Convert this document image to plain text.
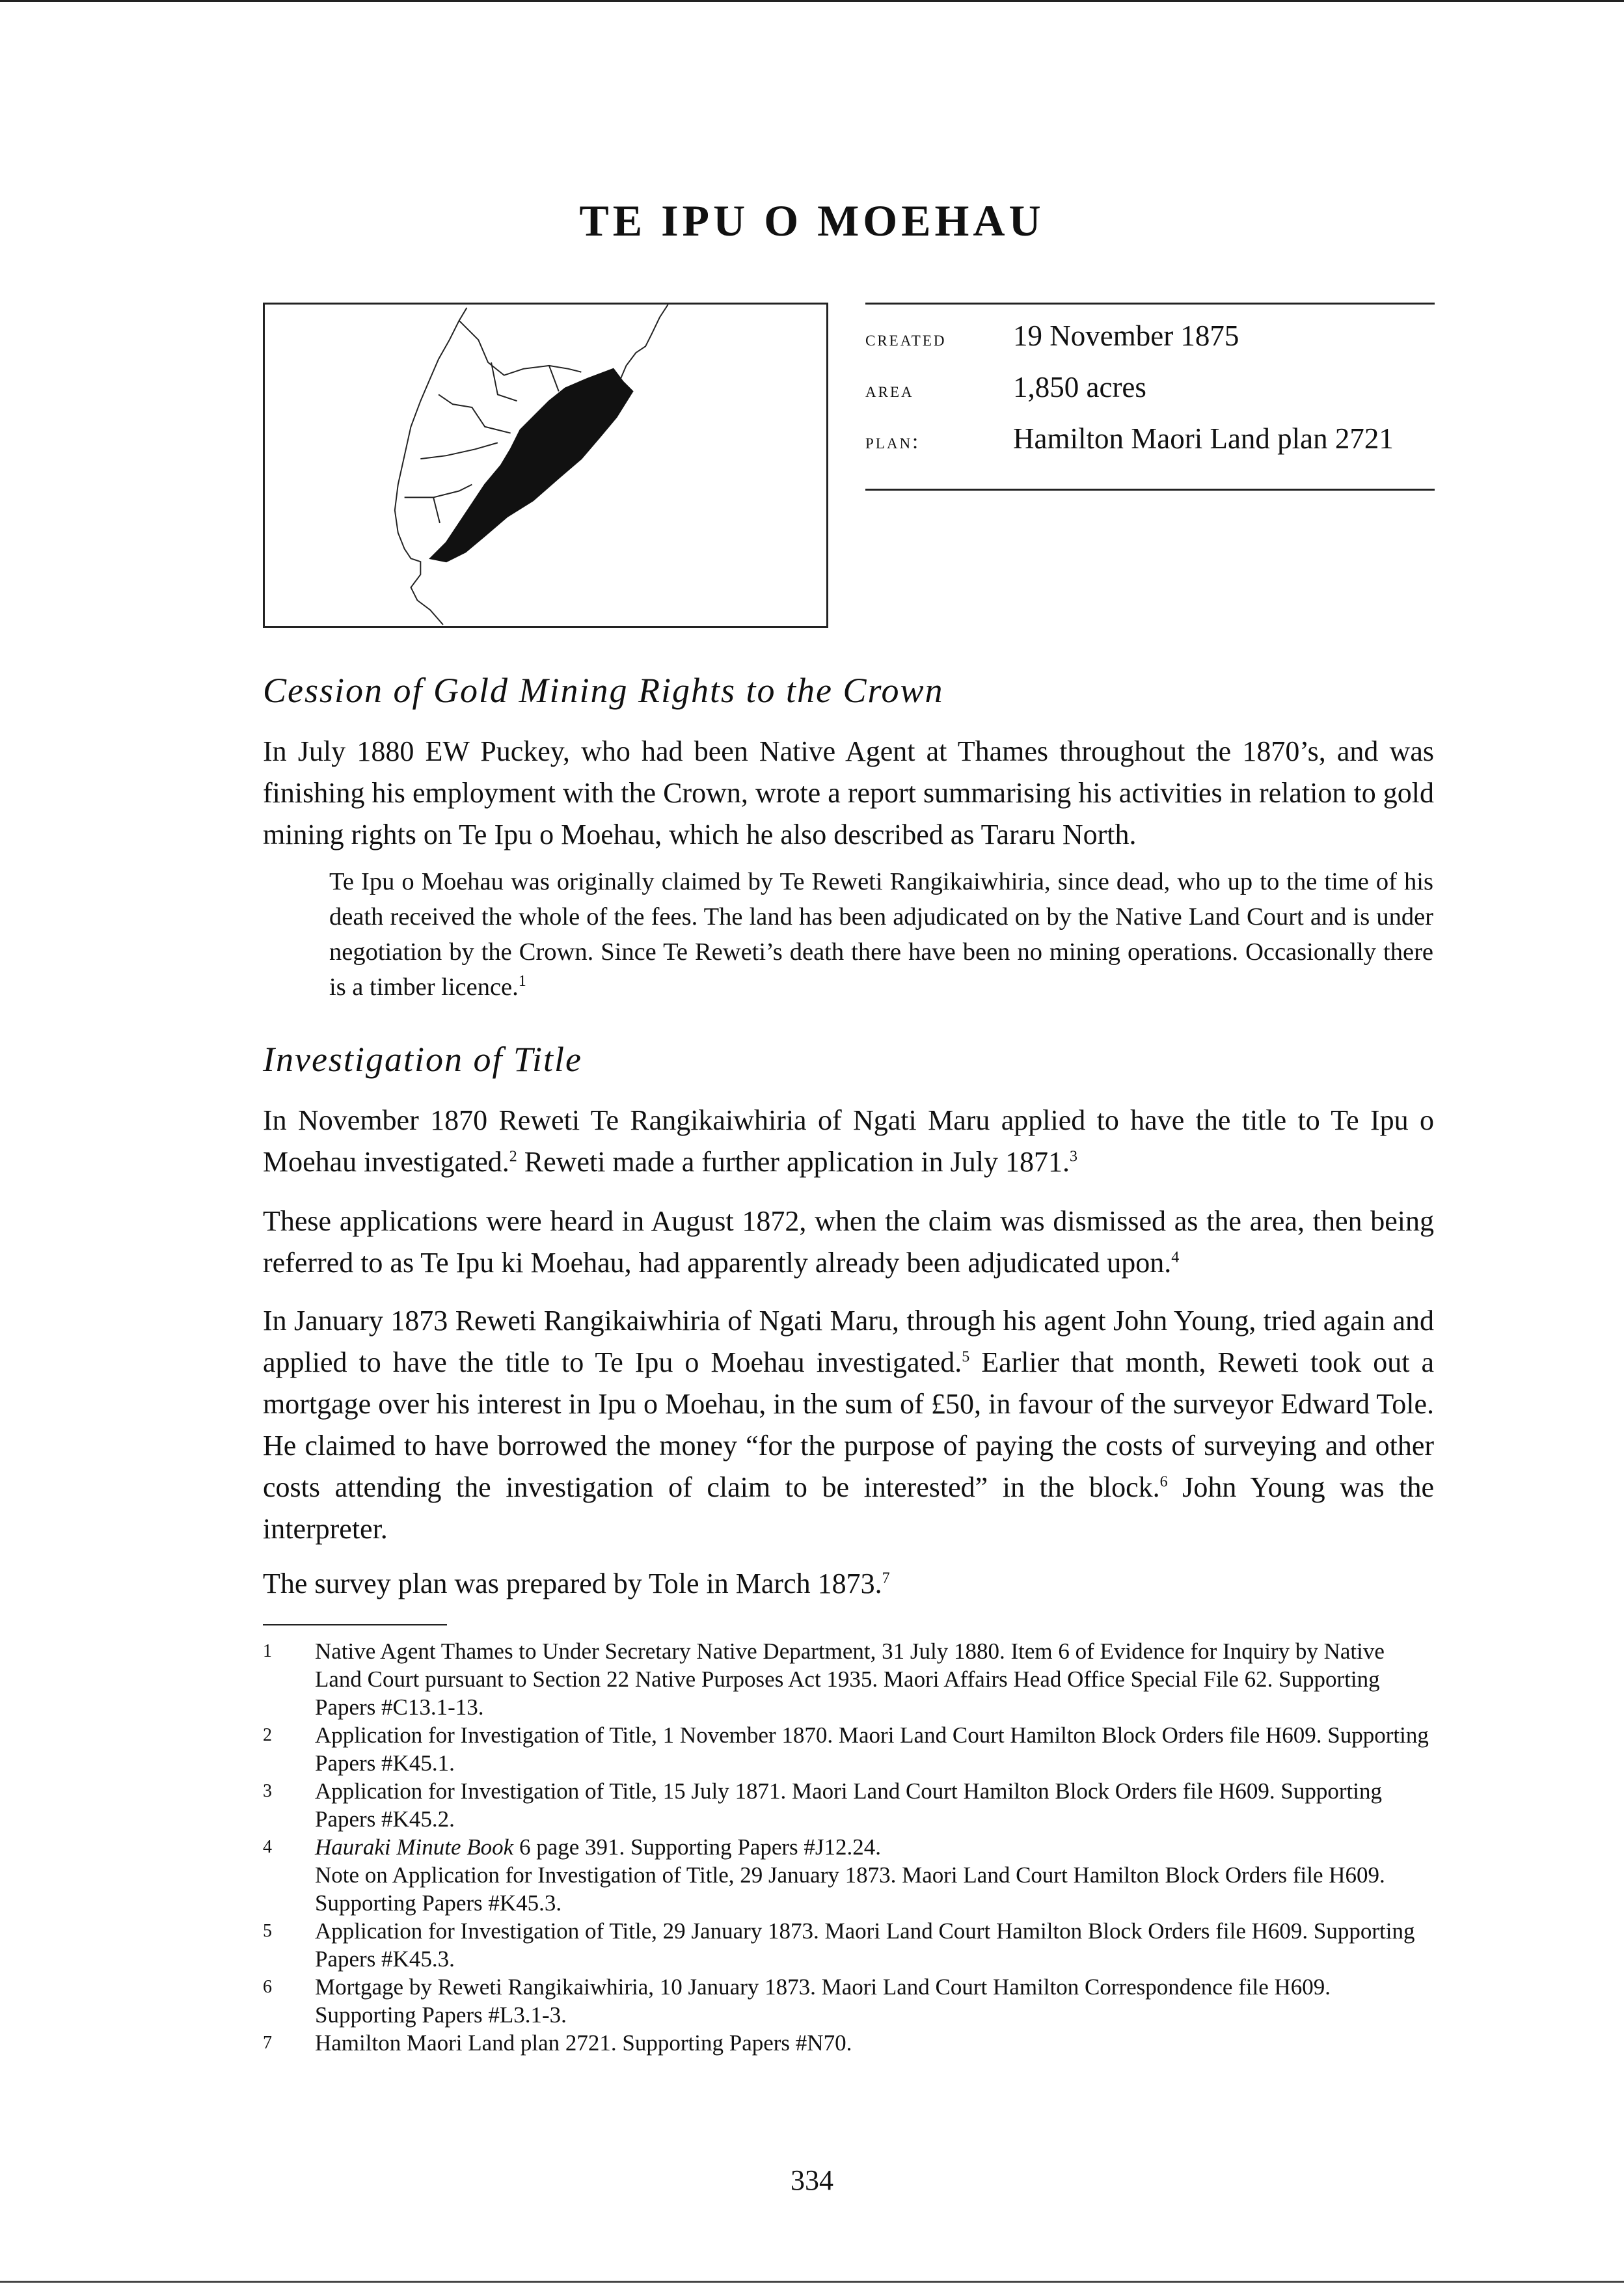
TE IPU O MOEHAU
created	19 November 1875
area	1,850 acres
plan:	Hamilton Maori Land plan 2721
Cession of Gold Mining Rights to the Crown

In July 1880 EW Puckey, who had been Native Agent at Thames throughout the 1870’s, and was finishing his employment with the Crown, wrote a report summarising his activities in relation to gold mining rights on Te Ipu o Moehau, which he also described as Tararu North.

Te Ipu o Moehau was originally claimed by Te Reweti Rangikaiwhiria, since dead, who up to the time of his death received the whole of the fees. The land has been adjudicated on by the Native Land Court and is under negotiation by the Crown. Since Te Reweti’s death there have been no mining operations. Occasionally there is a timber licence.$^1$

Investigation of Title

In November 1870 Reweti Te Rangikaiwhiria of Ngati Maru applied to have the title to Te Ipu o Moehau investigated.$^2$ Reweti made a further application in July 1871.$^3$

These applications were heard in August 1872, when the claim was dismissed as the area, then being referred to as Te Ipu ki Moehau, had apparently already been adjudicated upon.$^4$

In January 1873 Reweti Rangikaiwhiria of Ngati Maru, through his agent John Young, tried again and applied to have the title to Te Ipu o Moehau investigated.$^5$ Earlier that month, Reweti took out a mortgage over his interest in Ipu o Moehau, in the sum of £50, in favour of the surveyor Edward Tole. He claimed to have borrowed the money “for the purpose of paying the costs of surveying and other costs attending the investigation of claim to be interested” in the block.$^6$ John Young was the interpreter.

The survey plan was prepared by Tole in March 1873.$^7$

1	Native Agent Thames to Under Secretary Native Department, 31 July 1880. Item 6 of Evidence for Inquiry by Native Land Court pursuant to Section 22 Native Purposes Act 1935. Maori Affairs Head Office Special File 62. Supporting Papers #C13.1-13.
2	Application for Investigation of Title, 1 November 1870. Maori Land Court Hamilton Block Orders file H609. Supporting Papers #K45.1.
3	Application for Investigation of Title, 15 July 1871. Maori Land Court Hamilton Block Orders file H609. Supporting Papers #K45.2.
4	Hauraki Minute Book 6 page 391. Supporting Papers #J12.24.
Note on Application for Investigation of Title, 29 January 1873. Maori Land Court Hamilton Block Orders file H609. Supporting Papers #K45.3.
5	Application for Investigation of Title, 29 January 1873. Maori Land Court Hamilton Block Orders file H609. Supporting Papers #K45.3.
6	Mortgage by Reweti Rangikaiwhiria, 10 January 1873. Maori Land Court Hamilton Correspondence file H609. Supporting Papers #L3.1-3.
7	Hamilton Maori Land plan 2721. Supporting Papers #N70.
334
